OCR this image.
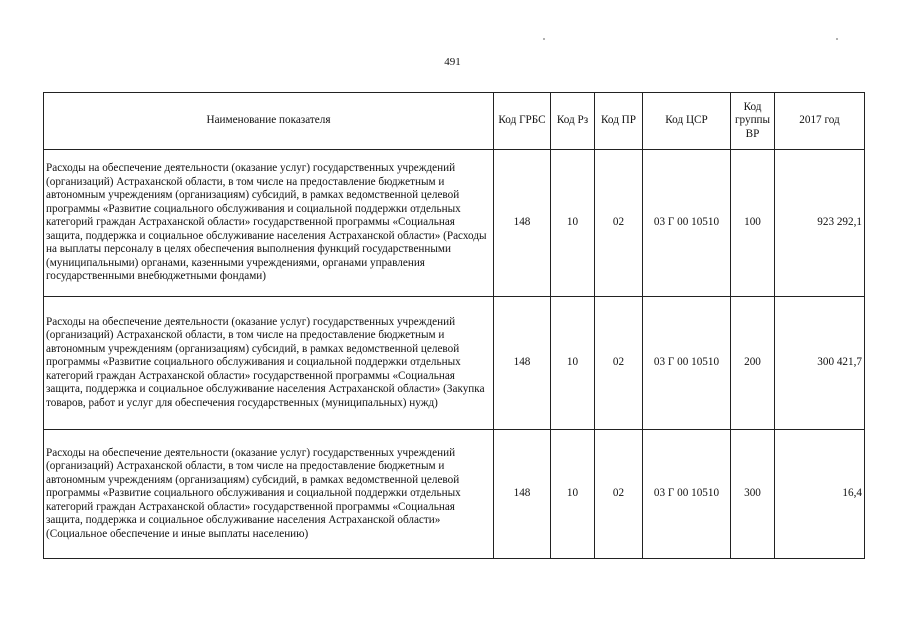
491
Наименование показателя	Код ГРБС	Код Рз	Код ПР	Код ЦСР	Код группы ВР	2017 год
Расходы на обеспечение деятельности (оказание услуг) государственных учреждений (организаций) Астраханской области, в том числе на предоставление бюджетным и автономным учреждениям (организациям) субсидий, в рамках ведомственной целевой программы «Развитие социального обслуживания и социальной поддержки отдельных категорий граждан Астраханской области» государственной программы «Социальная защита, поддержка и социальное обслуживание населения Астраханской области» (Расходы на выплаты персоналу в целях обеспечения выполнения функций государственными (муниципальными) органами, казенными учреждениями, органами управления государственными внебюджетными фондами)	148	10	02	03 Г 00 10510	100	923 292,1
Расходы на обеспечение деятельности (оказание услуг) государственных учреждений (организаций) Астраханской области, в том числе на предоставление бюджетным и автономным учреждениям (организациям) субсидий, в рамках ведомственной целевой программы «Развитие социального обслуживания и социальной поддержки отдельных категорий граждан Астраханской области» государственной программы «Социальная защита, поддержка и социальное обслуживание населения Астраханской области» (Закупка товаров, работ и услуг для обеспечения государственных (муниципальных) нужд)	148	10	02	03 Г 00 10510	200	300 421,7
Расходы на обеспечение деятельности (оказание услуг) государственных учреждений (организаций) Астраханской области, в том числе на предоставление бюджетным и автономным учреждениям (организациям) субсидий, в рамках ведомственной целевой программы «Развитие социального обслуживания и социальной поддержки отдельных категорий граждан Астраханской области» государственной программы «Социальная защита, поддержка и социальное обслуживание населения Астраханской области» (Социальное обеспечение и иные выплаты населению)	148	10	02	03 Г 00 10510	300	16,4
